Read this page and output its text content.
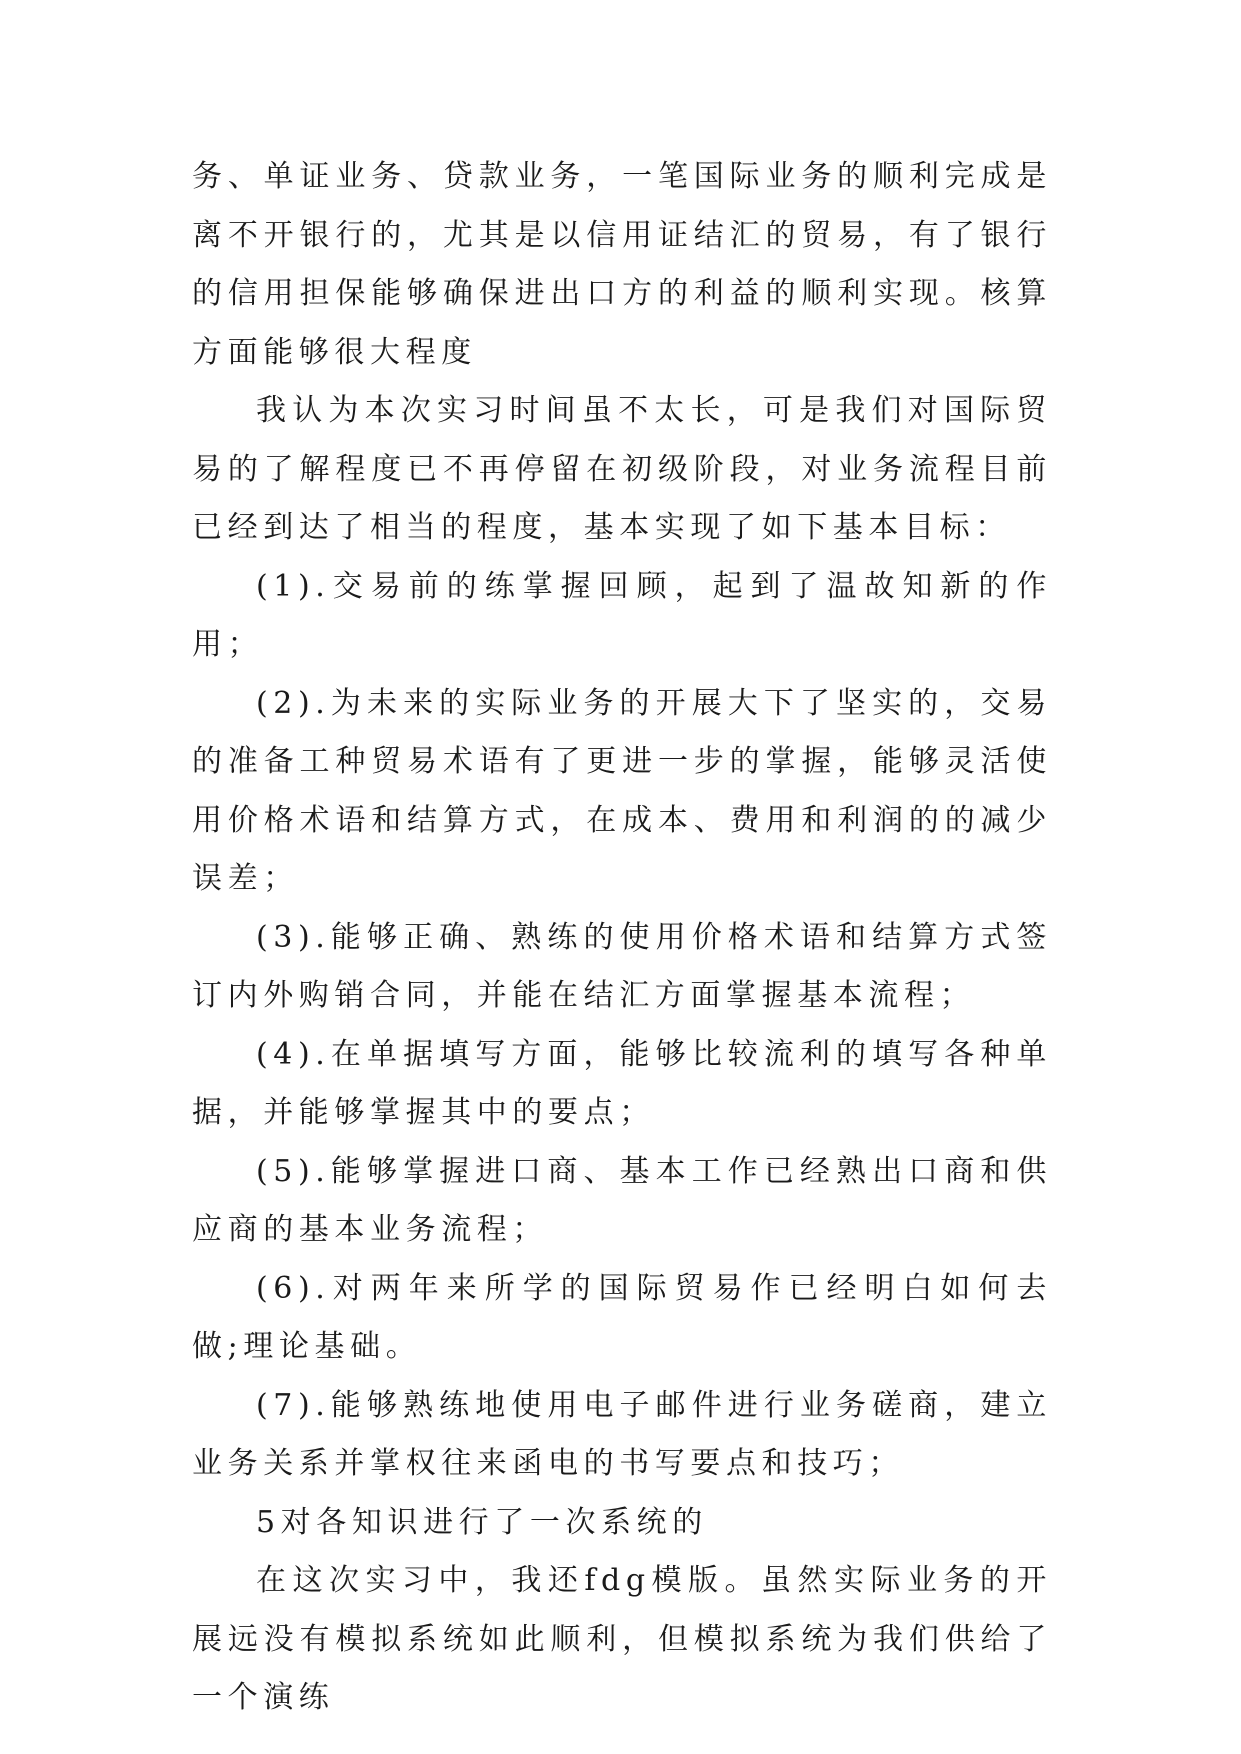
务、单证业务、贷款业务，一笔国际业务的顺利完成是离不开银行的，尤其是以信用证结汇的贸易，有了银行的信用担保能够确保进出口方的利益的顺利实现。核算方面能够很大程度

我认为本次实习时间虽不太长，可是我们对国际贸易的了解程度已不再停留在初级阶段，对业务流程目前已经到达了相当的程度，基本实现了如下基本目标：

(1).交易前的练掌握回顾，起到了温故知新的作用；

(2).为未来的实际业务的开展大下了坚实的，交易的准备工种贸易术语有了更进一步的掌握，能够灵活使用价格术语和结算方式，在成本、费用和利润的的减少误差；

(3).能够正确、熟练的使用价格术语和结算方式签订内外购销合同，并能在结汇方面掌握基本流程；

(4).在单据填写方面，能够比较流利的填写各种单据，并能够掌握其中的要点；

(5).能够掌握进口商、基本工作已经熟出口商和供应商的基本业务流程；

(6).对两年来所学的国际贸易作已经明白如何去做;理论基础。

(7).能够熟练地使用电子邮件进行业务磋商，建立业务关系并掌权往来函电的书写要点和技巧；

5对各知识进行了一次系统的

在这次实习中，我还fdg模版。虽然实际业务的开展远没有模拟系统如此顺利，但模拟系统为我们供给了一个演练
